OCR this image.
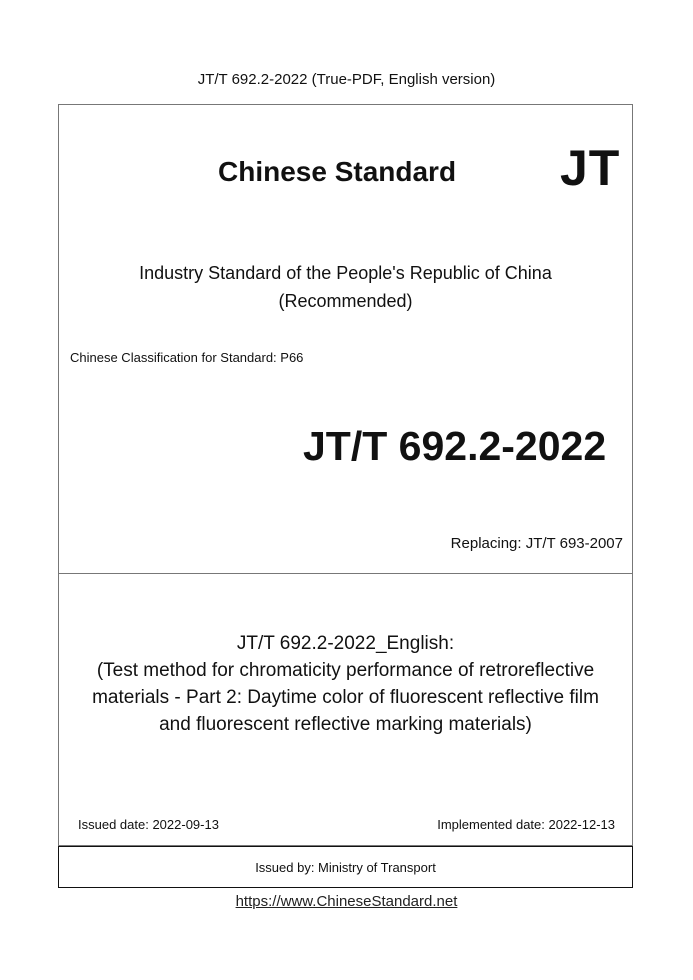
JT/T 692.2-2022 (True-PDF, English version)
Chinese Standard JT
Industry Standard of the People's Republic of China
(Recommended)
Chinese Classification for Standard: P66
JT/T 692.2-2022
Replacing: JT/T 693-2007
JT/T 692.2-2022_English:
(Test method for chromaticity performance of retroreflective
materials - Part 2: Daytime color of fluorescent reflective film
and fluorescent reflective marking materials)
Issued date: 2022-09-13	Implemented date: 2022-12-13
Issued by: Ministry of Transport
https://www.ChineseStandard.net
